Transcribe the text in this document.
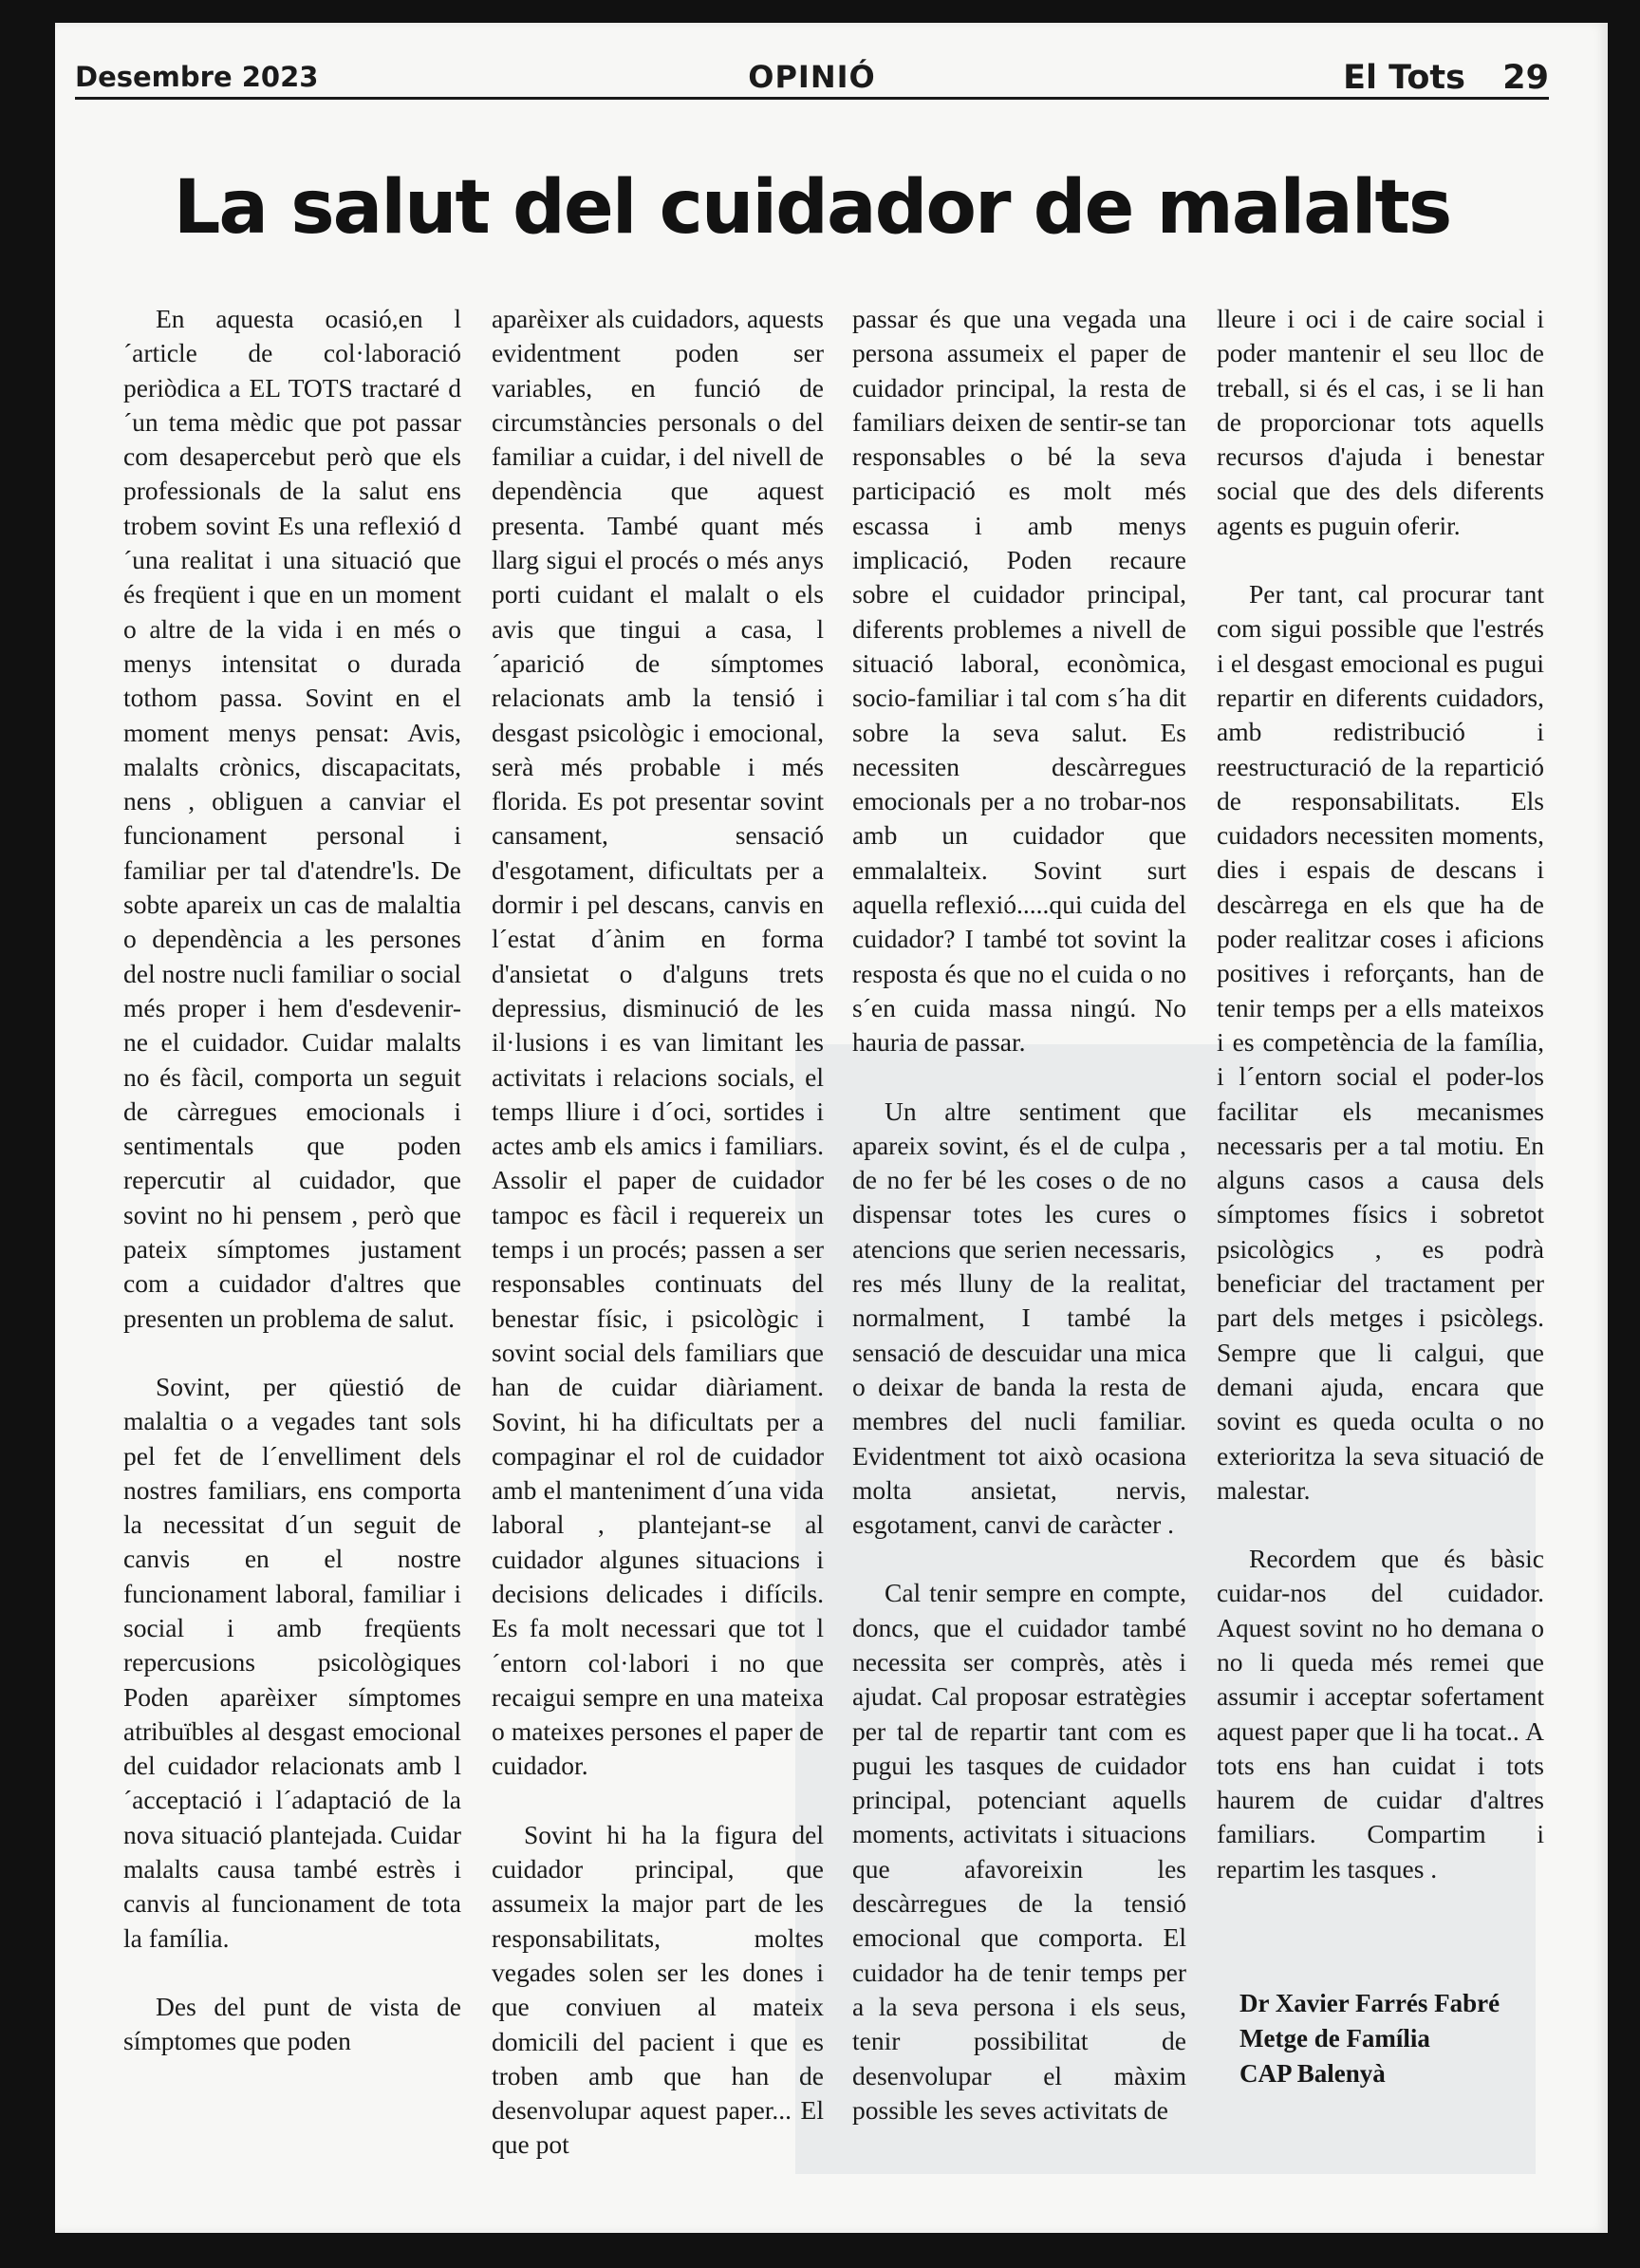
Desembre 2023	OPINIÓ	El Tots 29
La salut del cuidador de malalts

En aquesta ocasió,en l´article de col·laboració periòdica a EL TOTS tractaré d´un tema mèdic que pot passar com desapercebut però que els professionals de la salut ens trobem sovint Es una reflexió d´una realitat i una situació que és freqüent i que en un moment o altre de la vida i en més o menys intensitat o durada tothom passa. Sovint en el moment menys pensat: Avis, malalts crònics, discapacitats, nens , obliguen a canviar el funcionament personal i familiar per tal d'atendre'ls. De sobte apareix un cas de malaltia o dependència a les persones del nostre nucli familiar o social més proper i hem d'esdevenir-ne el cuidador. Cuidar malalts no és fàcil, comporta un seguit de càrregues emocionals i sentimentals que poden repercutir al cuidador, que sovint no hi pensem , però que pateix símptomes justament com a cuidador d'altres que presenten un problema de salut.

Sovint, per qüestió de malaltia o a vegades tant sols pel fet de l´envelliment dels nostres familiars, ens comporta la necessitat d´un seguit de canvis en el nostre funcionament laboral, familiar i social i amb freqüents repercusions psicològiques Poden aparèixer símptomes atribuïbles al desgast emocional del cuidador relacionats amb l´acceptació i l´adaptació de la nova situació plantejada. Cuidar malalts causa també estrès i canvis al funcionament de tota la família.

Des del punt de vista de símptomes que poden

aparèixer als cuidadors, aquests evidentment poden ser variables, en funció de circumstàncies personals o del familiar a cuidar, i del nivell de dependència que aquest presenta. També quant més llarg sigui el procés o més anys porti cuidant el malalt o els avis que tingui a casa, l´aparició de símptomes relacionats amb la tensió i desgast psicològic i emocional, serà més probable i més florida. Es pot presentar sovint cansament, sensació d'esgotament, dificultats per a dormir i pel descans, canvis en l´estat d´ànim en forma d'ansietat o d'alguns trets depressius, disminució de les il·lusions i es van limitant les activitats i relacions socials, el temps lliure i d´oci, sortides i actes amb els amics i familiars. Assolir el paper de cuidador tampoc es fàcil i requereix un temps i un procés; passen a ser responsables continuats del benestar físic, i psicològic i sovint social dels familiars que han de cuidar diàriament. Sovint, hi ha dificultats per a compaginar el rol de cuidador amb el manteniment d´una vida laboral , plantejant-se al cuidador algunes situacions i decisions delicades i difícils. Es fa molt necessari que tot l´entorn col·labori i no que recaigui sempre en una mateixa o mateixes persones el paper de cuidador.

Sovint hi ha la figura del cuidador principal, que assumeix la major part de les responsabilitats, moltes vegades solen ser les dones i que conviuen al mateix domicili del pacient i que es troben amb que han de desenvolupar aquest paper... El que pot

passar és que una vegada una persona assumeix el paper de cuidador principal, la resta de familiars deixen de sentir-se tan responsables o bé la seva participació es molt més escassa i amb menys implicació, Poden recaure sobre el cuidador principal, diferents problemes a nivell de situació laboral, econòmica, socio-familiar i tal com s´ha dit sobre la seva salut. Es necessiten descàrregues emocionals per a no trobar-nos amb un cuidador que emmalalteix. Sovint surt aquella reflexió.....qui cuida del cuidador? I també tot sovint la resposta és que no el cuida o no s´en cuida massa ningú. No hauria de passar.

Un altre sentiment que apareix sovint, és el de culpa , de no fer bé les coses o de no dispensar totes les cures o atencions que serien necessaris, res més lluny de la realitat, normalment, I també la sensació de descuidar una mica o deixar de banda la resta de membres del nucli familiar. Evidentment tot això ocasiona molta ansietat, nervis, esgotament, canvi de caràcter .

Cal tenir sempre en compte, doncs, que el cuidador també necessita ser comprès, atès i ajudat. Cal proposar estratègies per tal de repartir tant com es pugui les tasques de cuidador principal, potenciant aquells moments, activitats i situacions que afavoreixin les descàrregues de la tensió emocional que comporta. El cuidador ha de tenir temps per a la seva persona i els seus, tenir possibilitat de desenvolupar el màxim possible les seves activitats de

lleure i oci i de caire social i poder mantenir el seu lloc de treball, si és el cas, i se li han de proporcionar tots aquells recursos d'ajuda i benestar social que des dels diferents agents es puguin oferir.

Per tant, cal procurar tant com sigui possible que l'estrés i el desgast emocional es pugui repartir en diferents cuidadors, amb redistribució i reestructuració de la repartició de responsabilitats. Els cuidadors necessiten moments, dies i espais de descans i descàrrega en els que ha de poder realitzar coses i aficions positives i reforçants, han de tenir temps per a ells mateixos i es competència de la família, i l´entorn social el poder-los facilitar els mecanismes necessaris per a tal motiu. En alguns casos a causa dels símptomes físics i sobretot psicològics , es podrà beneficiar del tractament per part dels metges i psicòlegs. Sempre que li calgui, que demani ajuda, encara que sovint es queda oculta o no exterioritza la seva situació de malestar.

Recordem que és bàsic cuidar-nos del cuidador. Aquest sovint no ho demana o no li queda més remei que assumir i acceptar sofertament aquest paper que li ha tocat.. A tots ens han cuidat i tots haurem de cuidar d'altres familiars. Compartim i repartim les tasques .

Dr Xavier Farrés Fabré
Metge de Família
CAP Balenyà
